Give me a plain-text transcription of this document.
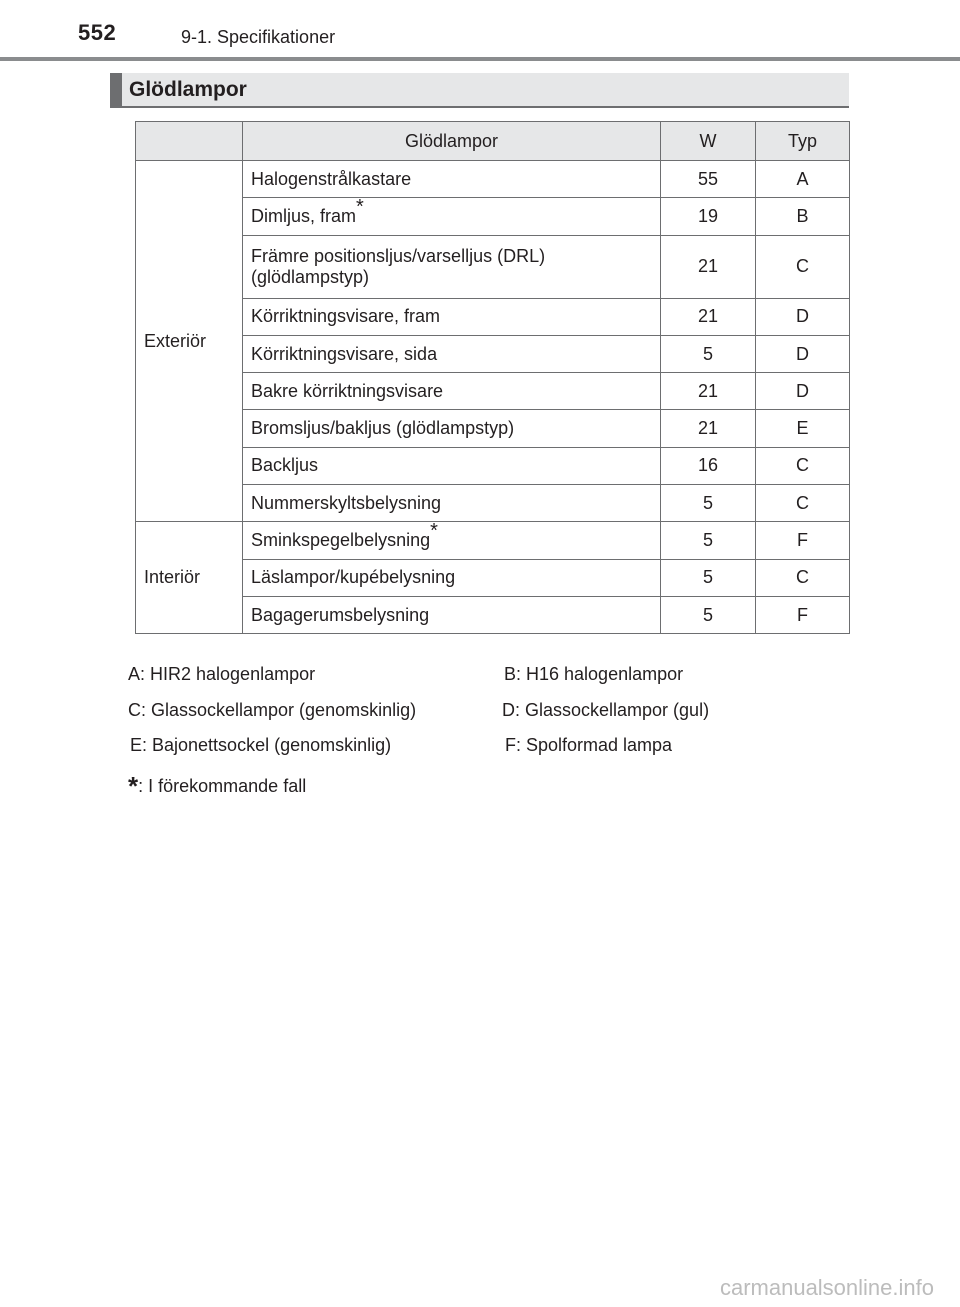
552	9-1. Specifikationer
Glödlampor
	Glödlampor	W	Typ
Exteriör	Halogenstrålkastare	55	A
	Dimljus, fram*	19	B
	Främre positionsljus/varselljus (DRL) (glödlampstyp)	21	C
	Körriktningsvisare, fram	21	D
	Körriktningsvisare, sida	5	D
	Bakre körriktningsvisare	21	D
	Bromsljus/bakljus (glödlampstyp)	21	E
	Backljus	16	C
	Nummerskyltsbelysning	5	C
Interiör	Sminkspegelbelysning*	5	F
	Läslampor/kupébelysning	5	C
	Bagagerumsbelysning	5	F
A: HIR2 halogenlampor	B: H16 halogenlampor
C: Glassockellampor (genomskinlig)	D: Glassockellampor (gul)
E: Bajonettsockel (genomskinlig)	F: Spolformad lampa
*: I förekommande fall
carmanualsonline.info
